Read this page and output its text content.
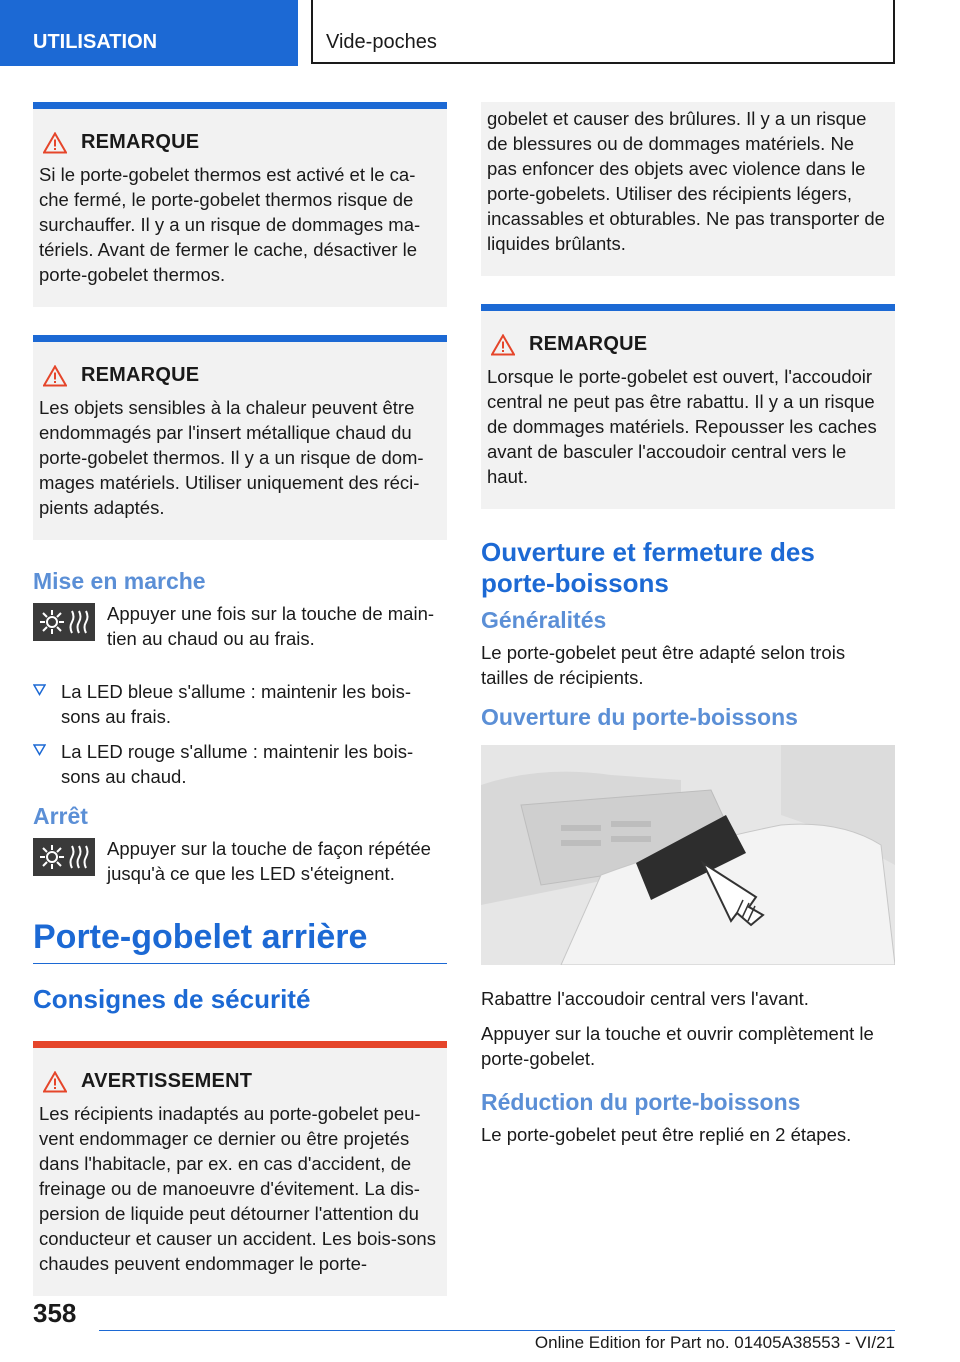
UTILISATION	Vide-poches
REMARQUE
Si le porte-gobelet thermos est activé et le ca-che fermé, le porte-gobelet thermos risque de surchauffer. Il y a un risque de dommages ma-tériels. Avant de fermer le cache, désactiver le porte-gobelet thermos.
REMARQUE
Les objets sensibles à la chaleur peuvent être endommagés par l'insert métallique chaud du porte-gobelet thermos. Il y a un risque de dom-mages matériels. Utiliser uniquement des réci-pients adaptés.
Mise en marche
Appuyer une fois sur la touche de main-tien au chaud ou au frais.
La LED bleue s'allume : maintenir les bois-sons au frais.
La LED rouge s'allume : maintenir les bois-sons au chaud.
Arrêt
Appuyer sur la touche de façon répétée jusqu'à ce que les LED s'éteignent.
Porte-gobelet arrière
Consignes de sécurité
AVERTISSEMENT
Les récipients inadaptés au porte-gobelet peu-vent endommager ce dernier ou être projetés dans l'habitacle, par ex. en cas d'accident, de freinage ou de manoeuvre d'évitement. La dis-persion de liquide peut détourner l'attention du conducteur et causer un accident. Les bois-sons chaudes peuvent endommager le porte-
gobelet et causer des brûlures. Il y a un risque de blessures ou de dommages matériels. Ne pas enfoncer des objets avec violence dans le porte-gobelets. Utiliser des récipients légers, incassables et obturables. Ne pas transporter de liquides brûlants.
REMARQUE
Lorsque le porte-gobelet est ouvert, l'accoudoir central ne peut pas être rabattu. Il y a un risque de dommages matériels. Repousser les caches avant de basculer l'accoudoir central vers le haut.
Ouverture et fermeture des porte-boissons
Généralités
Le porte-gobelet peut être adapté selon trois tailles de récipients.
Ouverture du porte-boissons
Rabattre l'accoudoir central vers l'avant.
Appuyer sur la touche et ouvrir complètement le porte-gobelet.
Réduction du porte-boissons
Le porte-gobelet peut être replié en 2 étapes.
358
Online Edition for Part no. 01405A38553 - VI/21
